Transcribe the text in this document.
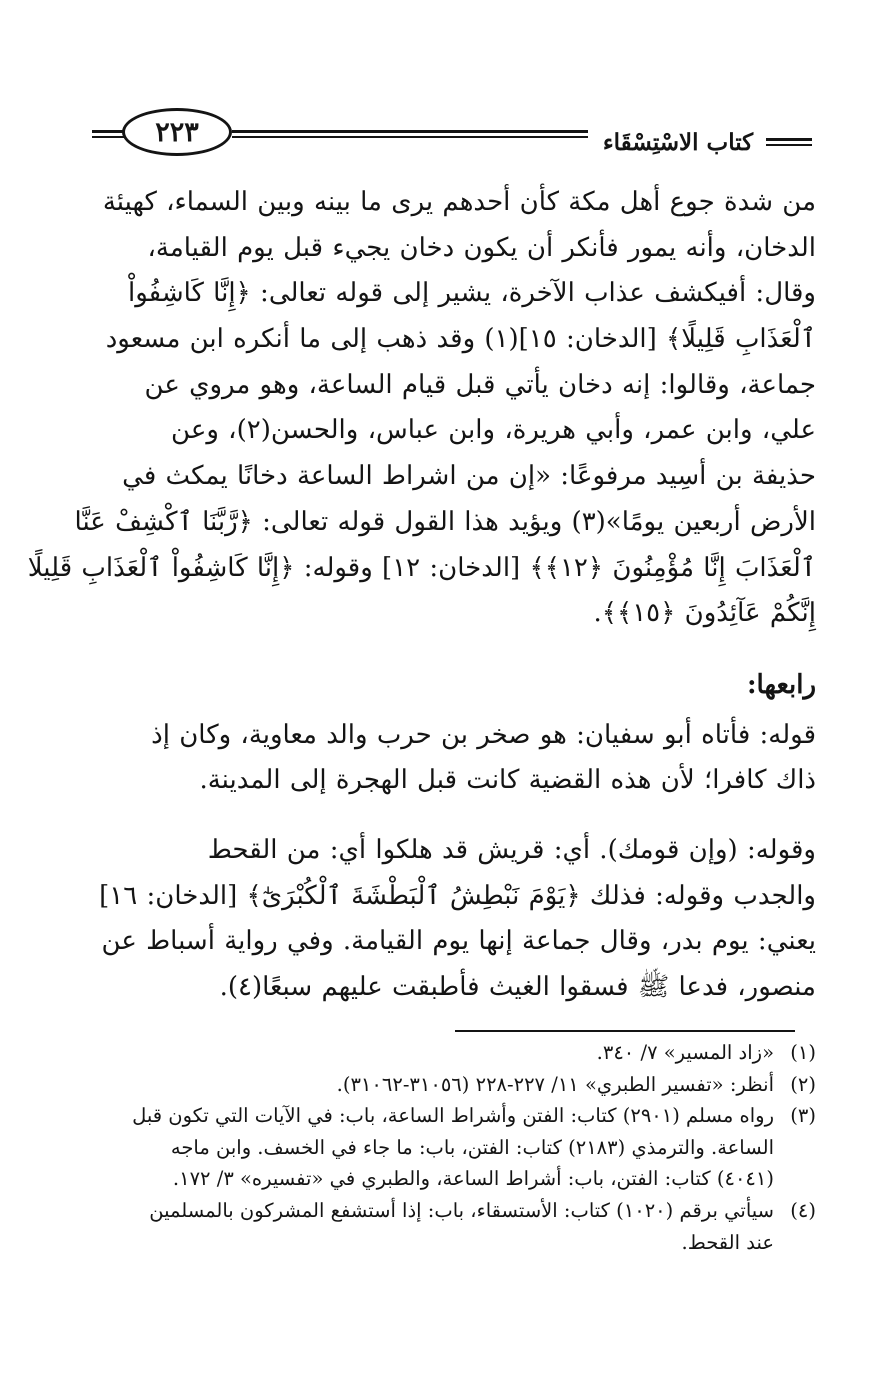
٢٢٣	كتاب الاسْتِسْقَاء

من شدة جوع أهل مكة كأن أحدهم يرى ما بينه وبين السماء، كهيئة
الدخان، وأنه يمور فأنكر أن يكون دخان يجيء قبل يوم القيامة،
وقال: أفيكشف عذاب الآخرة، يشير إلى قوله تعالى: ﴿إِنَّا كَاشِفُواْ
ٱلْعَذَابِ قَلِيلًا﴾ [الدخان: ١٥](١) وقد ذهب إلى ما أنكره ابن مسعود
جماعة، وقالوا: إنه دخان يأتي قبل قيام الساعة، وهو مروي عن
علي، وابن عمر، وأبي هريرة، وابن عباس، والحسن(٢)، وعن
حذيفة بن أسِيد مرفوعًا: «إن من اشراط الساعة دخانًا يمكث في
الأرض أربعين يومًا»(٣) ويؤيد هذا القول قوله تعالى: ﴿رَّبَّنَا ٱكْشِفْ عَنَّا
ٱلْعَذَابَ إِنَّا مُؤْمِنُونَ ﴿١٢﴾﴾ [الدخان: ١٢] وقوله: ﴿إِنَّا كَاشِفُواْ ٱلْعَذَابِ قَلِيلًا
إِنَّكُمْ عَآئِدُونَ ﴿١٥﴾﴾.

رابعها:

قوله: فأتاه أبو سفيان: هو صخر بن حرب والد معاوية، وكان إذ
ذاك كافرا؛ لأن هذه القضية كانت قبل الهجرة إلى المدينة.

وقوله: (وإن قومك). أي: قريش قد هلكوا أي: من القحط
والجدب وقوله: فذلك ﴿يَوْمَ نَبْطِشُ ٱلْبَطْشَةَ ٱلْكُبْرَىٰٓ﴾ [الدخان: ١٦]
يعني: يوم بدر، وقال جماعة إنها يوم القيامة. وفي رواية أسباط عن
منصور، فدعا ﷺ فسقوا الغيث فأطبقت عليهم سبعًا(٤).

(١)
«زاد المسير» ٧/ ٣٤٠.
(٢)
أنظر: «تفسير الطبري» ١١/ ٢٢٧-٢٢٨ (٣١٠٥٦-٣١٠٦٢).
(٣)
رواه مسلم (٢٩٠١) كتاب: الفتن وأشراط الساعة، باب: في الآيات التي تكون قبل
الساعة. والترمذي (٢١٨٣) كتاب: الفتن، باب: ما جاء في الخسف. وابن ماجه
(٤٠٤١) كتاب: الفتن، باب: أشراط الساعة، والطبري في «تفسيره» ٣/ ١٧٢.
(٤)
سيأتي برقم (١٠٢٠) كتاب: الأستسقاء، باب: إذا أستشفع المشركون بالمسلمين
عند القحط.
